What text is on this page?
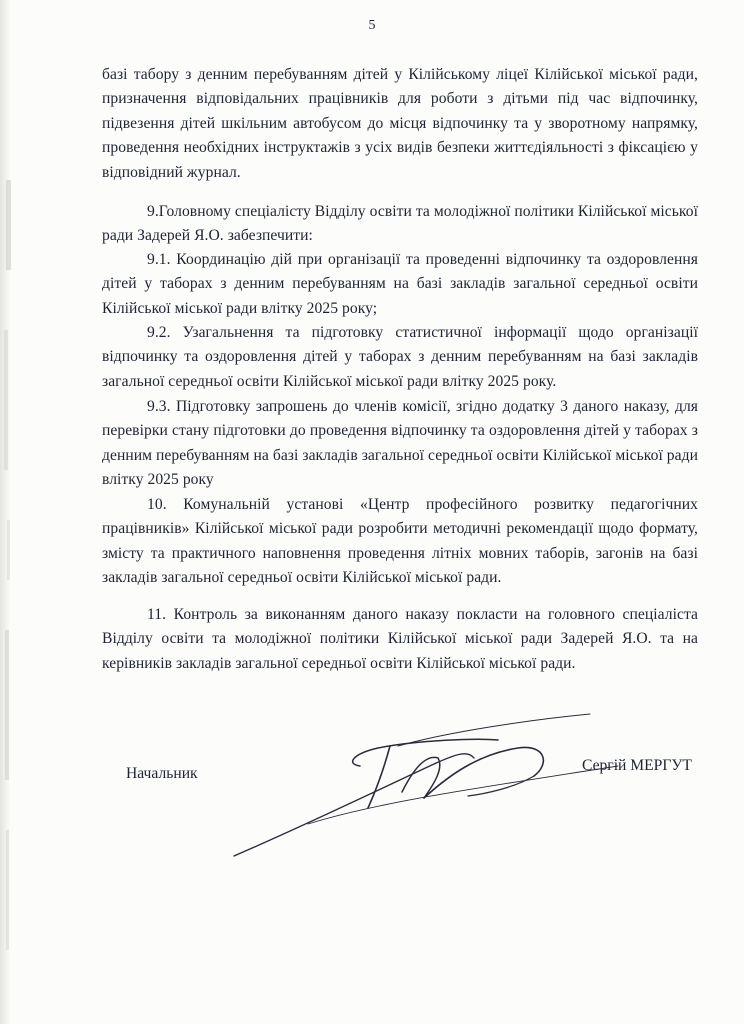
5

базі табору з денним перебуванням дітей у Кілійському ліцеї Кілійської міської ради, призначення відповідальних працівників для роботи з дітьми під час відпочинку, підвезення дітей шкільним автобусом до місця відпочинку та у зворотному напрямку, проведення необхідних інструктажів з усіх видів безпеки життєдіяльності з фіксацією у відповідний журнал.

9.Головному спеціалісту Відділу освіти та молодіжної політики Кілійської міської ради Задерей Я.О. забезпечити:

9.1. Координацію дій при організації та проведенні відпочинку та оздоровлення дітей у таборах з денним перебуванням на базі закладів загальної середньої освіти Кілійської міської ради влітку 2025 року;

9.2. Узагальнення та підготовку статистичної інформації щодо організації відпочинку та оздоровлення дітей у таборах з денним перебуванням на базі закладів загальної середньої освіти Кілійської міської ради влітку 2025 року.

9.3. Підготовку запрошень до членів комісії, згідно додатку 3 даного наказу, для перевірки стану підготовки до проведення відпочинку та оздоровлення дітей у таборах з денним перебуванням на базі закладів загальної середньої освіти Кілійської міської ради влітку 2025 року

10. Комунальній установі «Центр професійного розвитку педагогічних працівників» Кілійської міської ради розробити методичні рекомендації щодо формату, змісту та практичного наповнення проведення літніх мовних таборів, загонів на базі закладів загальної середньої освіти Кілійської міської ради.

11. Контроль за виконанням даного наказу покласти на головного спеціаліста Відділу освіти та молодіжної політики Кілійської міської ради Задерей Я.О. та на керівників закладів загальної середньої освіти Кілійської міської ради.

Начальник	Сергій МЕРГУТ
